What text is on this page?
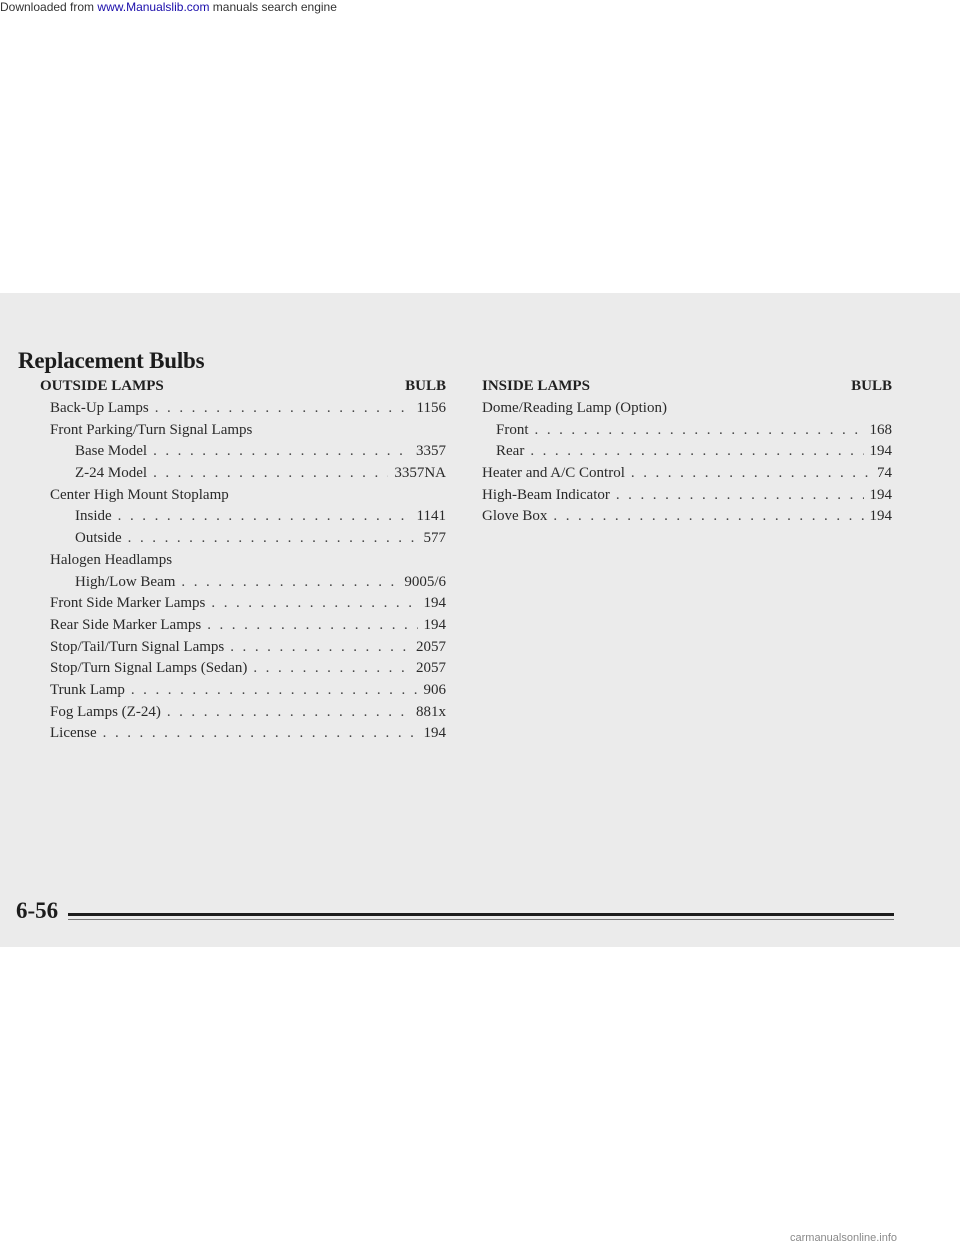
Downloaded from www.Manualslib.com manuals search engine
Replacement Bulbs
OUTSIDE LAMPS	BULB
Back-Up Lamps . . .	1156
Front Parking/Turn Signal Lamps
Base Model . . .	3357
Z-24 Model . . .	3357NA
Center High Mount Stoplamp
Inside . . .	1141
Outside . . .	577
Halogen Headlamps
High/Low Beam . . .	9005/6
Front Side Marker Lamps . . .	194
Rear Side Marker Lamps . . .	194
Stop/Tail/Turn Signal Lamps . . .	2057
Stop/Turn Signal Lamps (Sedan) . . .	2057
Trunk Lamp . . .	906
Fog Lamps (Z-24) . . .	881x
License . . .	194
INSIDE LAMPS	BULB
Dome/Reading Lamp (Option)
Front . . .	168
Rear . . .	194
Heater and A/C Control . . .	74
High-Beam Indicator . . .	194
Glove Box . . .	194
6-56
carmanualsonline.info
